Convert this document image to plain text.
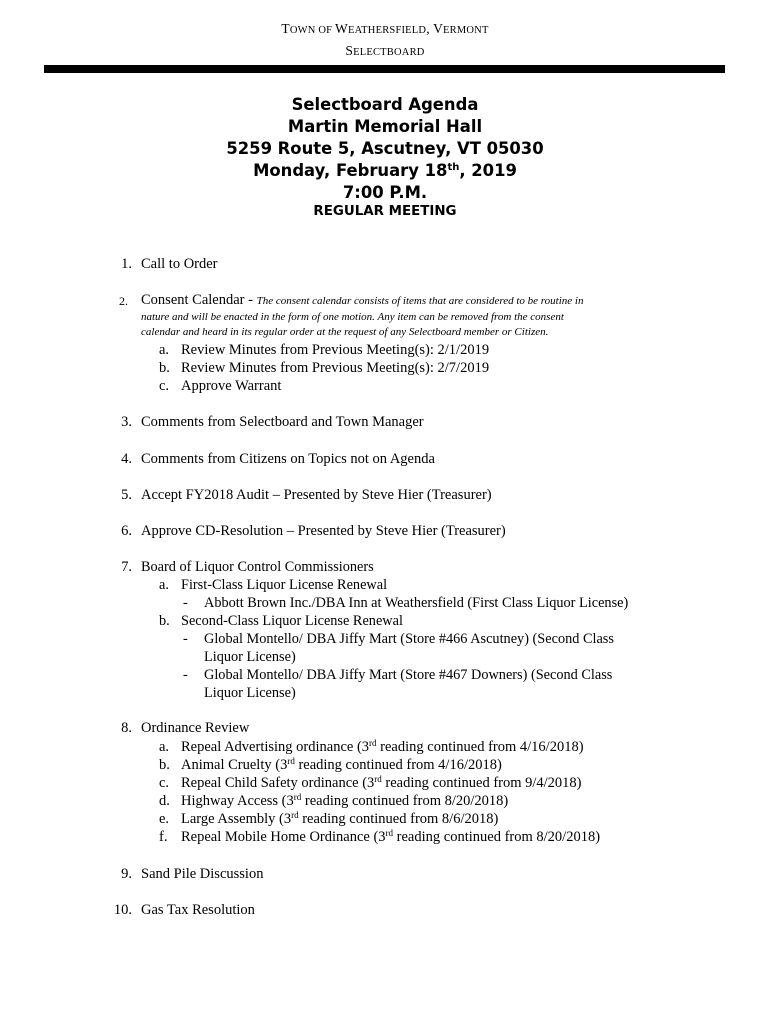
TOWN OF WEATHERSFIELD, VERMONT
SELECTBOARD
Selectboard Agenda
Martin Memorial Hall
5259 Route 5, Ascutney, VT 05030
Monday, February 18th, 2019
7:00 P.M.
REGULAR MEETING
1. Call to Order
2. Consent Calendar - The consent calendar consists of items that are considered to be routine in
nature and will be enacted in the form of one motion. Any item can be removed from the consent
calendar and heard in its regular order at the request of any Selectboard member or Citizen.
a. Review Minutes from Previous Meeting(s): 2/1/2019
b. Review Minutes from Previous Meeting(s): 2/7/2019
c. Approve Warrant
3. Comments from Selectboard and Town Manager
4. Comments from Citizens on Topics not on Agenda
5. Accept FY2018 Audit – Presented by Steve Hier (Treasurer)
6. Approve CD-Resolution – Presented by Steve Hier (Treasurer)
7. Board of Liquor Control Commissioners
a. First-Class Liquor License Renewal
- Abbott Brown Inc./DBA Inn at Weathersfield (First Class Liquor License)
b. Second-Class Liquor License Renewal
- Global Montello/ DBA Jiffy Mart (Store #466 Ascutney) (Second Class
Liquor License)
- Global Montello/ DBA Jiffy Mart (Store #467 Downers) (Second Class
Liquor License)
8. Ordinance Review
a. Repeal Advertising ordinance (3rd reading continued from 4/16/2018)
b. Animal Cruelty (3rd reading continued from 4/16/2018)
c. Repeal Child Safety ordinance (3rd reading continued from 9/4/2018)
d. Highway Access (3rd reading continued from 8/20/2018)
e. Large Assembly (3rd reading continued from 8/6/2018)
f. Repeal Mobile Home Ordinance (3rd reading continued from 8/20/2018)
9. Sand Pile Discussion
10. Gas Tax Resolution
